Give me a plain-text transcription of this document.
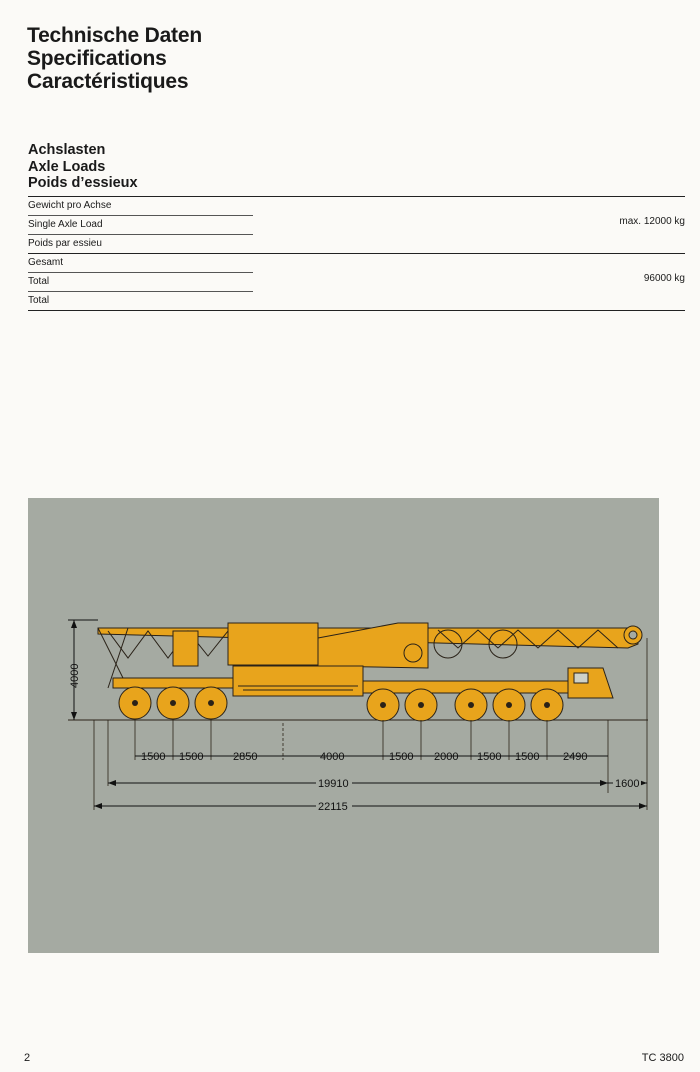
Technische Daten
Specifications
Caractéristiques
Achslasten
Axle Loads
Poids d’essieux
Gewicht pro Achse
Single Axle Load
Poids par essieu
max. 12000 kg
Gesamt
Total
Total
96000 kg
4000
1500 1500	2850	4000	1500 2000 1500 1500 2490
19910	1600
22115
2	TC 3800
